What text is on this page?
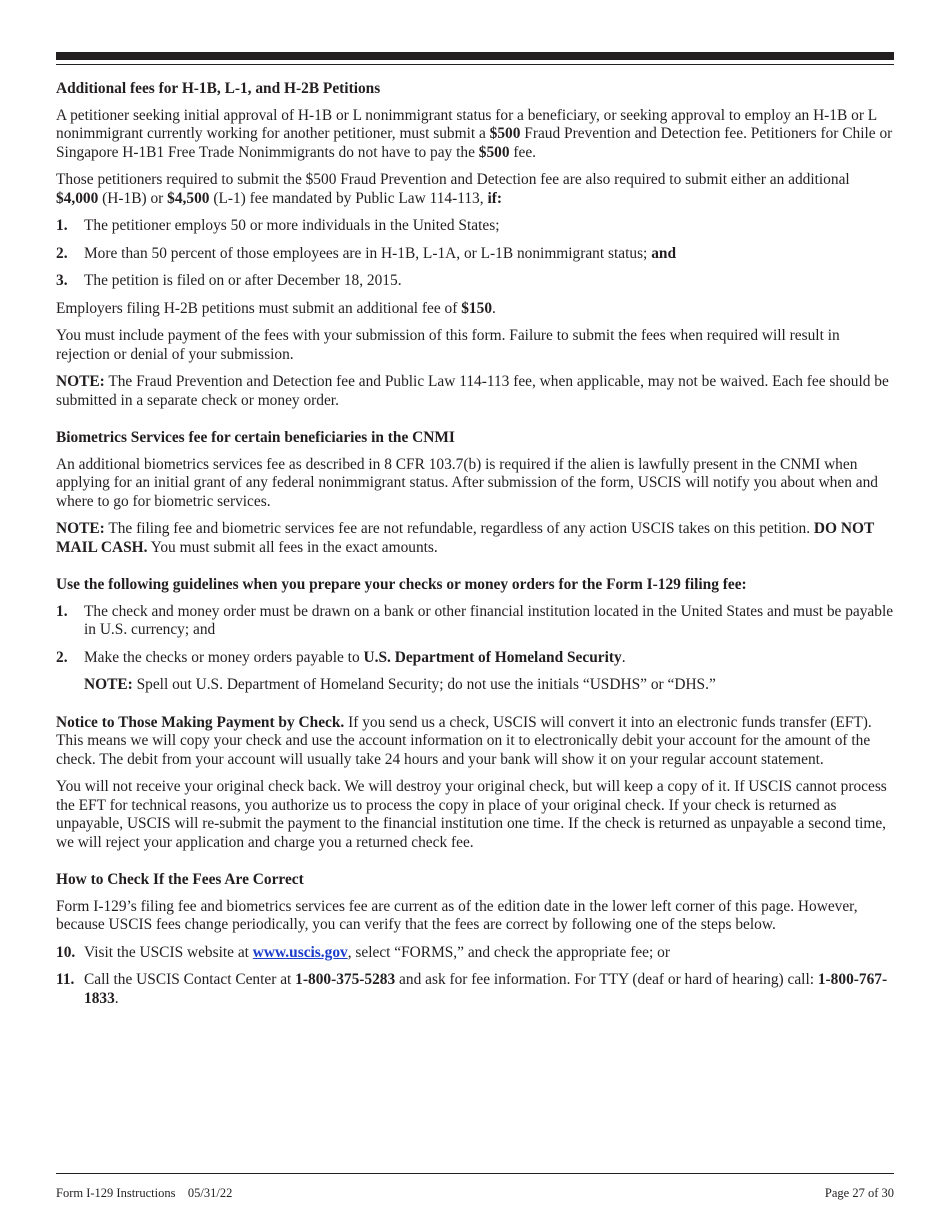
Additional fees for H-1B, L-1, and H-2B Petitions
A petitioner seeking initial approval of H-1B or L nonimmigrant status for a beneficiary, or seeking approval to employ an H-1B or L nonimmigrant currently working for another petitioner, must submit a $500 Fraud Prevention and Detection fee. Petitioners for Chile or Singapore H-1B1 Free Trade Nonimmigrants do not have to pay the $500 fee.
Those petitioners required to submit the $500 Fraud Prevention and Detection fee are also required to submit either an additional $4,000 (H-1B) or $4,500 (L-1) fee mandated by Public Law 114-113, if:
1.	The petitioner employs 50 or more individuals in the United States;
2.	More than 50 percent of those employees are in H-1B, L-1A, or L-1B nonimmigrant status; and
3.	The petition is filed on or after December 18, 2015.
Employers filing H-2B petitions must submit an additional fee of $150.
You must include payment of the fees with your submission of this form. Failure to submit the fees when required will result in rejection or denial of your submission.
NOTE: The Fraud Prevention and Detection fee and Public Law 114-113 fee, when applicable, may not be waived. Each fee should be submitted in a separate check or money order.
Biometrics Services fee for certain beneficiaries in the CNMI
An additional biometrics services fee as described in 8 CFR 103.7(b) is required if the alien is lawfully present in the CNMI when applying for an initial grant of any federal nonimmigrant status. After submission of the form, USCIS will notify you about when and where to go for biometric services.
NOTE: The filing fee and biometric services fee are not refundable, regardless of any action USCIS takes on this petition. DO NOT MAIL CASH. You must submit all fees in the exact amounts.
Use the following guidelines when you prepare your checks or money orders for the Form I-129 filing fee:
1.	The check and money order must be drawn on a bank or other financial institution located in the United States and must be payable in U.S. currency; and
2.	Make the checks or money orders payable to U.S. Department of Homeland Security.
NOTE: Spell out U.S. Department of Homeland Security; do not use the initials “USDHS” or “DHS.”
Notice to Those Making Payment by Check. If you send us a check, USCIS will convert it into an electronic funds transfer (EFT). This means we will copy your check and use the account information on it to electronically debit your account for the amount of the check. The debit from your account will usually take 24 hours and your bank will show it on your regular account statement.
You will not receive your original check back. We will destroy your original check, but will keep a copy of it. If USCIS cannot process the EFT for technical reasons, you authorize us to process the copy in place of your original check. If your check is returned as unpayable, USCIS will re-submit the payment to the financial institution one time. If the check is returned as unpayable a second time, we will reject your application and charge you a returned check fee.
How to Check If the Fees Are Correct
Form I-129’s filing fee and biometrics services fee are current as of the edition date in the lower left corner of this page. However, because USCIS fees change periodically, you can verify that the fees are correct by following one of the steps below.
10. Visit the USCIS website at www.uscis.gov, select “FORMS,” and check the appropriate fee; or
11. Call the USCIS Contact Center at 1-800-375-5283 and ask for fee information. For TTY (deaf or hard of hearing) call: 1-800-767-1833.
Form I-129 Instructions    05/31/22	Page 27 of 30
